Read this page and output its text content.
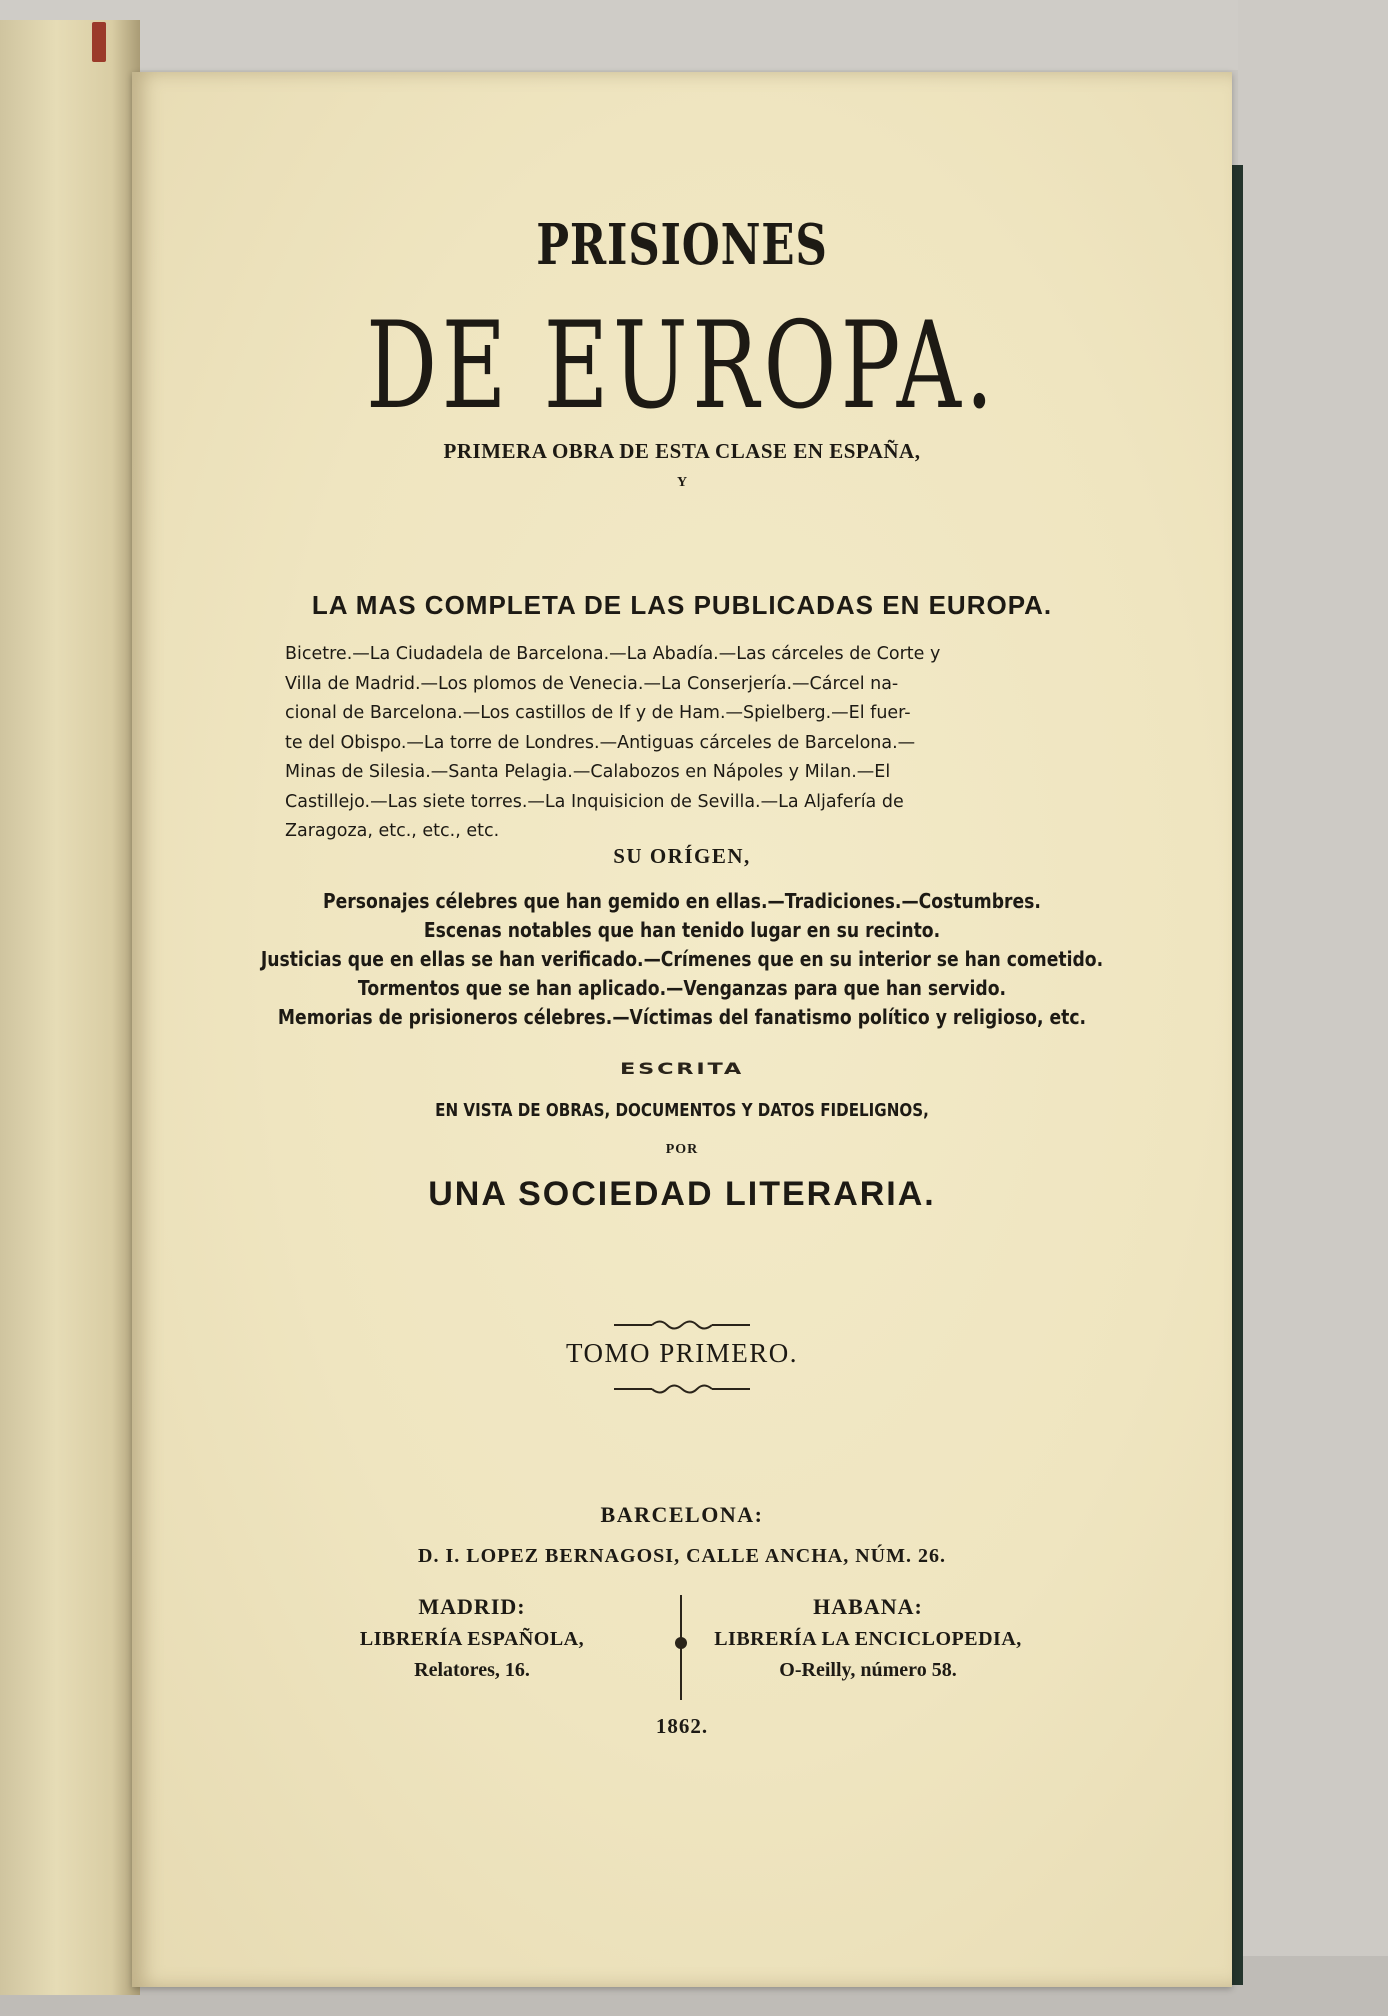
PRISIONES
DE EUROPA.
PRIMERA OBRA DE ESTA CLASE EN ESPAÑA,
Y
LA MAS COMPLETA DE LAS PUBLICADAS EN EUROPA.
Bicetre.—La Ciudadela de Barcelona.—La Abadía.—Las cárceles de Corte y
Villa de Madrid.—Los plomos de Venecia.—La Conserjería.—Cárcel na-
cional de Barcelona.—Los castillos de If y de Ham.—Spielberg.—El fuer-
te del Obispo.—La torre de Londres.—Antiguas cárceles de Barcelona.—
Minas de Silesia.—Santa Pelagia.—Calabozos en Nápoles y Milan.—El
Castillejo.—Las siete torres.—La Inquisicion de Sevilla.—La Aljafería de
Zaragoza, etc., etc., etc.
SU ORÍGEN,
Personajes célebres que han gemido en ellas.—Tradiciones.—Costumbres.
Escenas notables que han tenido lugar en su recinto.
Justicias que en ellas se han verificado.—Crímenes que en su interior se han cometido.
Tormentos que se han aplicado.—Venganzas para que han servido.
Memorias de prisioneros célebres.—Víctimas del fanatismo político y religioso, etc.
ESCRITA
EN VISTA DE OBRAS, DOCUMENTOS Y DATOS FIDELIGNOS,
POR
UNA SOCIEDAD LITERARIA.
TOMO PRIMERO.
BARCELONA:
D. I. LOPEZ BERNAGOSI, CALLE ANCHA, NÚM. 26.
MADRID:
LIBRERÍA ESPAÑOLA,
Relatores, 16.
HABANA:
LIBRERÍA LA ENCICLOPEDIA,
O-Reilly, número 58.
1862.
